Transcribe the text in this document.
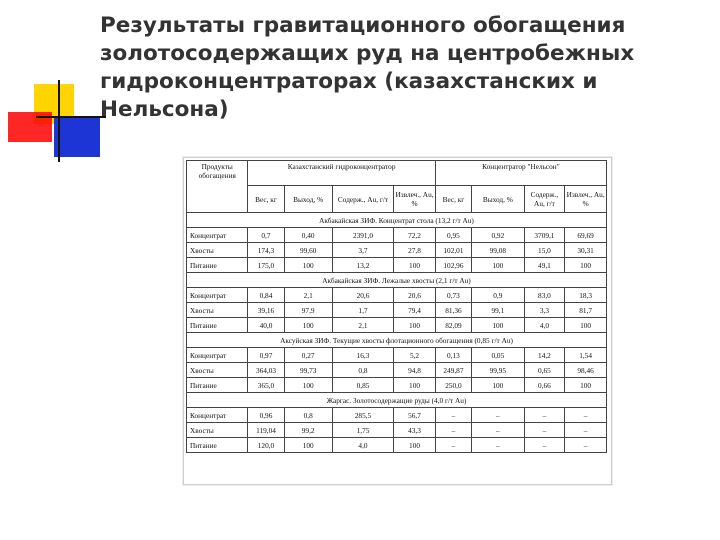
Результаты гравитационного обогащения золотосодержащих руд на центробежных гидроконцентраторах (казахстанских и Нельсона)
Продукты обогащения	Казахстанский гидроконцентратор				Концентратор "Нельсон"			
	Вес, кг	Выход, %	Содерж., Au, г/т	Извлеч., Au, %	Вес, кг	Выход, %	Содерж., Au, г/т	Извлеч., Au, %
Акбакайская ЗИФ. Концентрат стола (13,2 г/т Au)								
Концентрат	0,7	0,40	2391,0	72,2	0,95	0,92	3709,1	69,69
Хвосты	174,3	99,60	3,7	27,8	102,01	99,08	15,0	30,31
Питание	175,0	100	13,2	100	102,96	100	49,1	100
Акбакайская ЗИФ. Лежалые хвосты (2,1 г/т Au)								
Концентрат	0,84	2,1	20,6	20,6	0,73	0,9	83,0	18,3
Хвосты	39,16	97,9	1,7	79,4	81,36	99,1	3,3	81,7
Питание	40,0	100	2,1	100	82,09	100	4,0	100
Аксуйская ЗИФ. Текущие хвосты флотационного обогащения (0,85 г/т Au)								
Концентрат	0,97	0,27	16,3	5,2	0,13	0,05	14,2	1,54
Хвосты	364,03	99,73	0,8	94,8	249,87	99,95	0,65	98,46
Питание	365,0	100	0,85	100	250,0	100	0,66	100
Жаргас. Золотосодержащие руды (4,0 г/т Au)								
Концентрат	0,96	0,8	285,5	56,7	–	–	–	–
Хвосты	119,04	99,2	1,75	43,3	–	–	–	–
Питание	120,0	100	4,0	100	–	–	–	–
